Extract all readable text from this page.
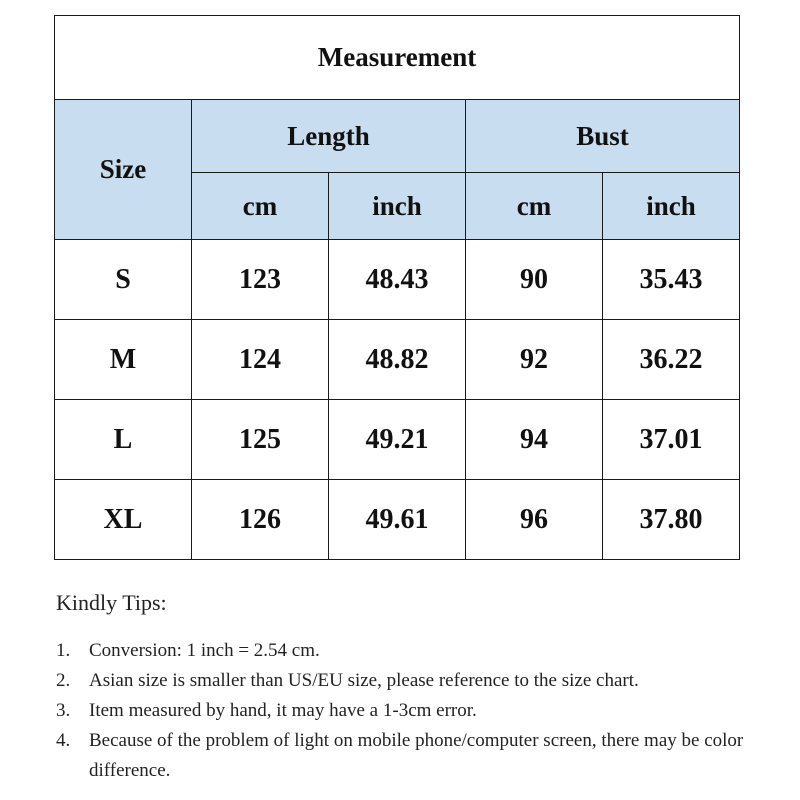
Measurement				
Size	Length		Bust	
	cm	inch	cm	inch
S	123	48.43	90	35.43
M	124	48.82	92	36.22
L	125	49.21	94	37.01
XL	126	49.61	96	37.80
Kindly Tips:
1. Conversion: 1 inch = 2.54 cm.
2. Asian size is smaller than US/EU size, please reference to the size chart.
3. Item measured by hand, it may have a 1-3cm error.
4. Because of the problem of light on mobile phone/computer screen, there may be color difference.
